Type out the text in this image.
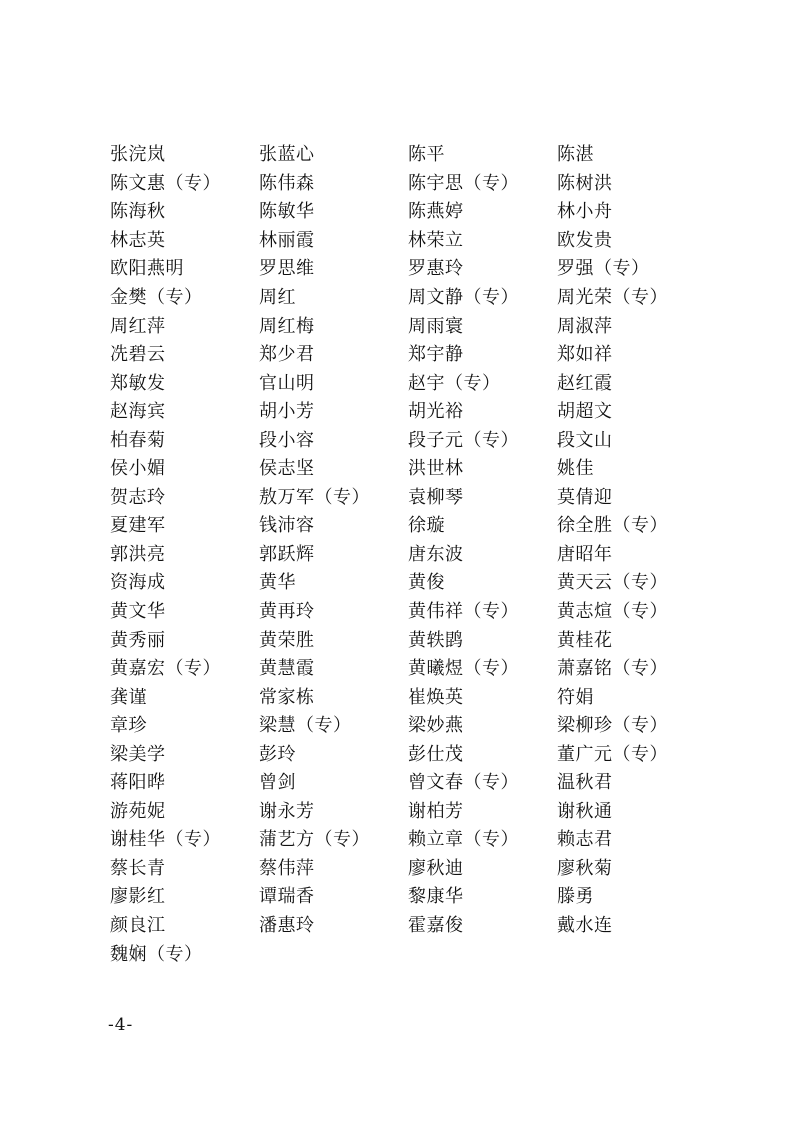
张浣岚	张蓝心	陈平	陈湛
陈文惠（专）	陈伟森	陈宇思（专）	陈树洪
陈海秋	陈敏华	陈燕婷	林小舟
林志英	林丽霞	林荣立	欧发贵
欧阳燕明	罗思维	罗惠玲	罗强（专）
金樊（专）	周红	周文静（专）	周光荣（专）
周红萍	周红梅	周雨寰	周淑萍
冼碧云	郑少君	郑宇静	郑如祥
郑敏发	官山明	赵宇（专）	赵红霞
赵海宾	胡小芳	胡光裕	胡超文
柏春菊	段小容	段子元（专）	段文山
侯小媚	侯志坚	洪世林	姚佳
贺志玲	敖万军（专）	袁柳琴	莫倩迎
夏建军	钱沛容	徐璇	徐全胜（专）
郭洪亮	郭跃辉	唐东波	唐昭年
资海成	黄华	黄俊	黄天云（专）
黄文华	黄再玲	黄伟祥（专）	黄志煊（专）
黄秀丽	黄荣胜	黄轶鹍	黄桂花
黄嘉宏（专）	黄慧霞	黄曦煜（专）	萧嘉铭（专）
龚谨	常家栋	崔焕英	符娟
章珍	梁慧（专）	梁妙燕	梁柳珍（专）
梁美学	彭玲	彭仕茂	董广元（专）
蒋阳晔	曾剑	曾文春（专）	温秋君
游苑妮	谢永芳	谢柏芳	谢秋通
谢桂华（专）	蒲艺方（专）	赖立章（专）	赖志君
蔡长青	蔡伟萍	廖秋迪	廖秋菊
廖影红	谭瑞香	黎康华	滕勇
颜良江	潘惠玲	霍嘉俊	戴水连
魏娴（专）
-4-
